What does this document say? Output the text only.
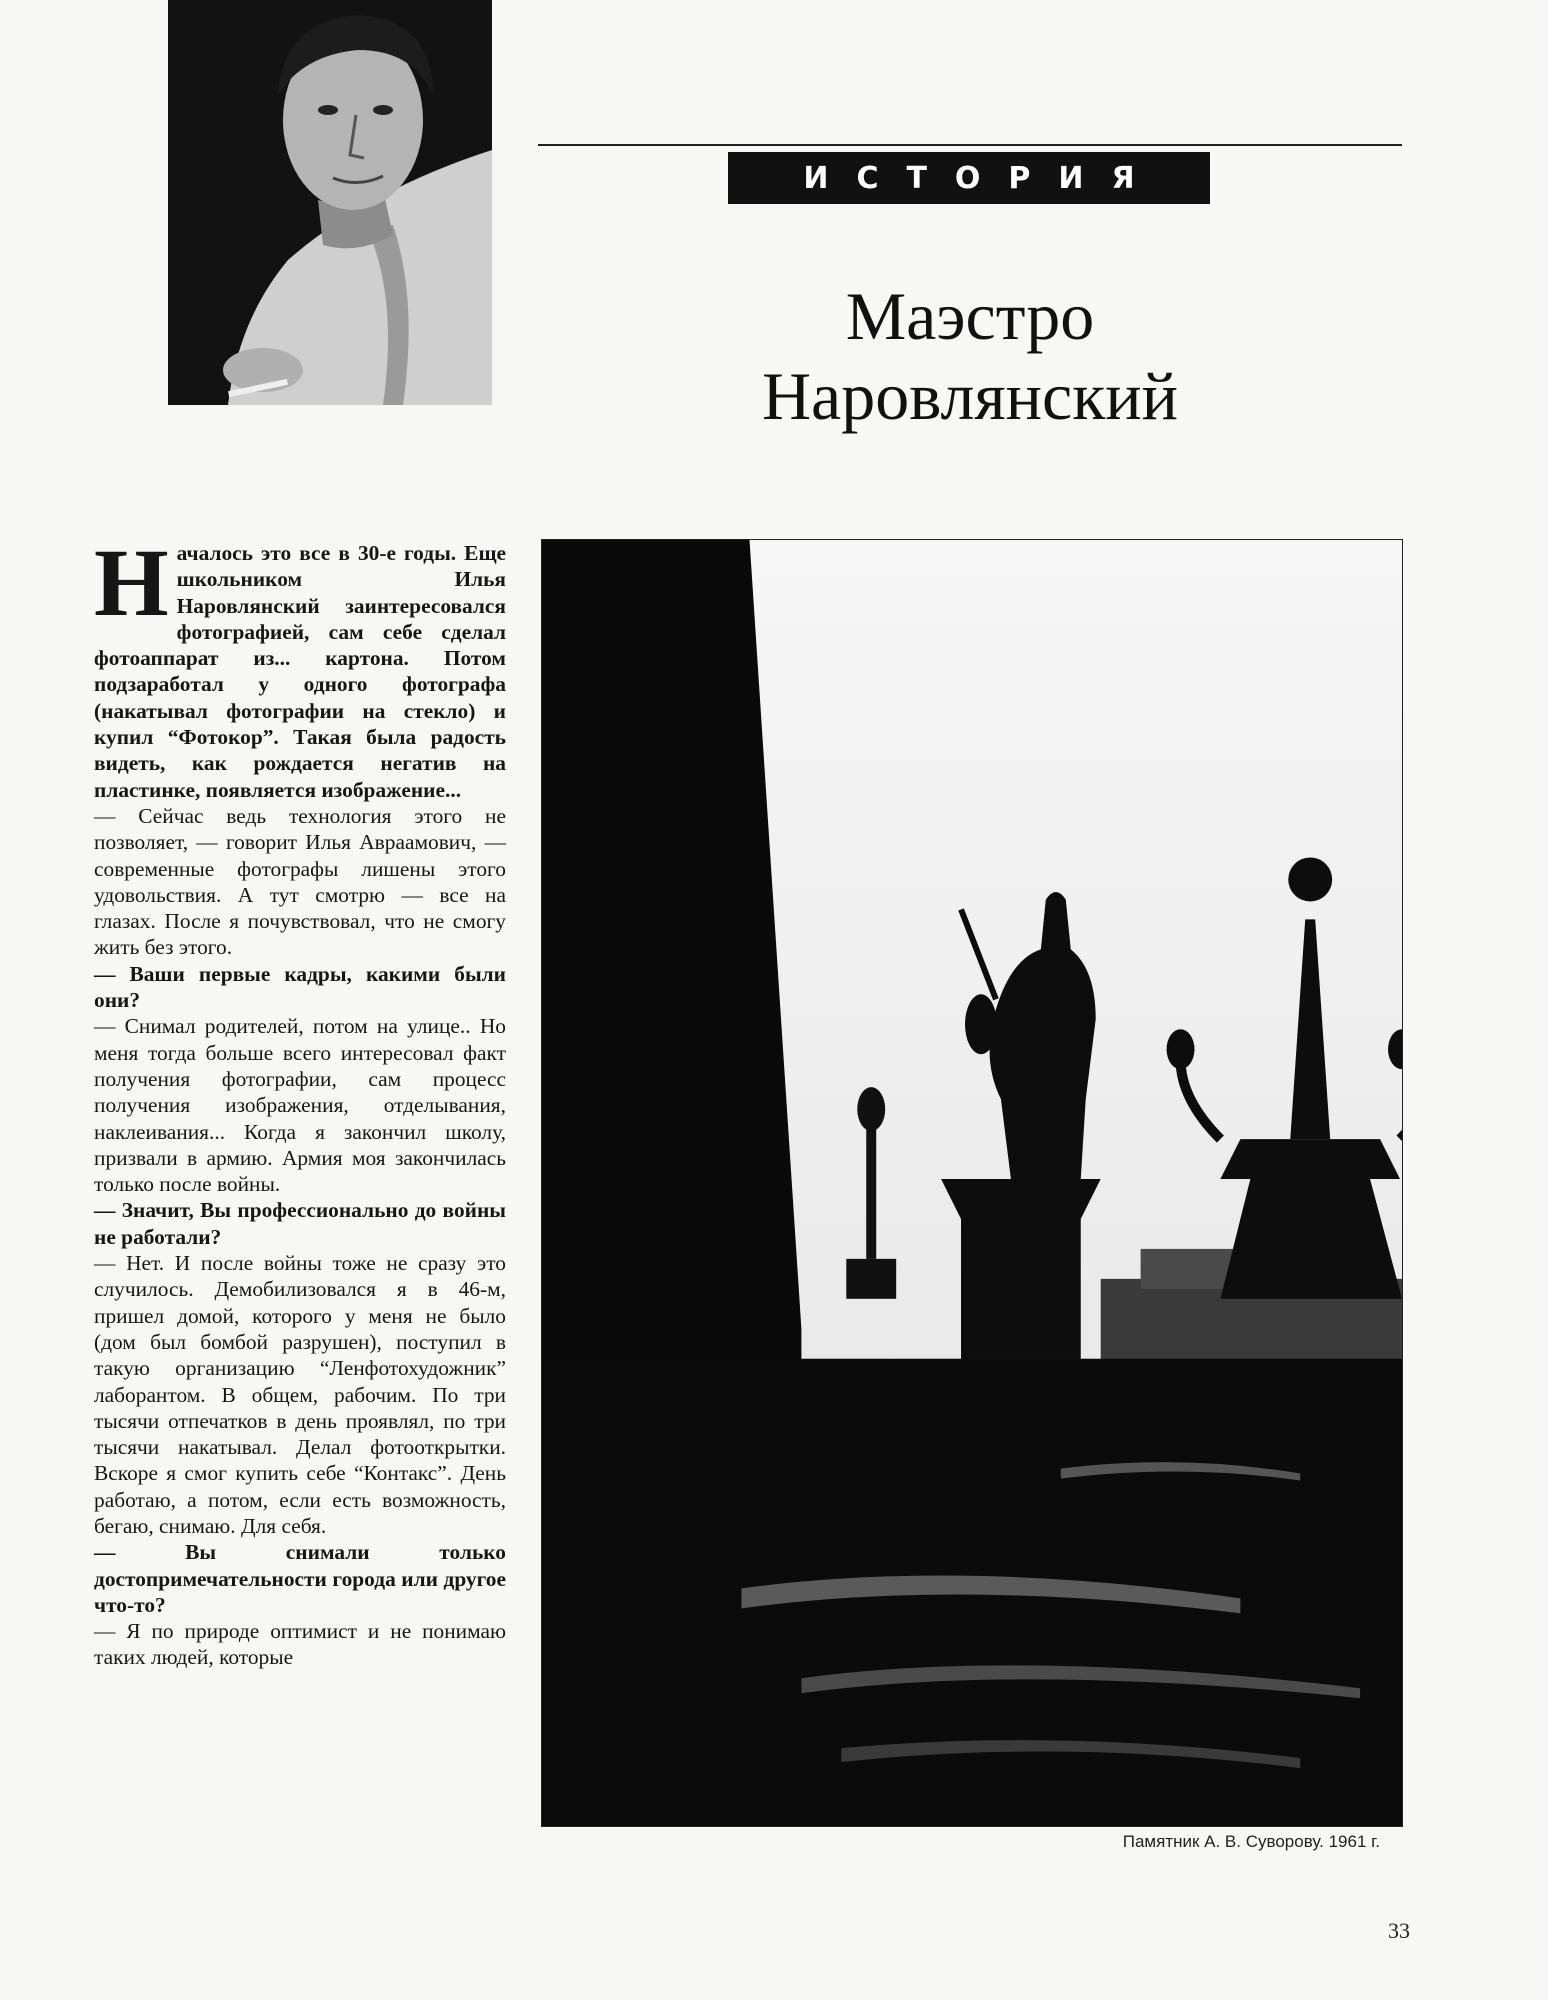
ИСТОРИЯ
Маэстро
Наровлянский

Началось это все в 30-е годы. Еще школьником Илья Наровлянский заинтересовался фотографией, сам себе сделал фотоаппарат из... картона. Потом подзаработал у одного фотографа (накатывал фотографии на стекло) и купил “Фотокор”. Такая была радость видеть, как рождается негатив на пластинке, появляется изображение...

— Сейчас ведь технология этого не позволяет, — говорит Илья Авраамович, — современные фотографы лишены этого удовольствия. А тут смотрю — все на глазах. После я почувствовал, что не смогу жить без этого.

— Ваши первые кадры, какими были они?

— Снимал родителей, потом на улице.. Но меня тогда больше всего интересовал факт получения фотографии, сам процесс получения изображения, отделывания, наклеивания... Когда я закончил школу, призвали в армию. Армия моя закончилась только после войны.

— Значит, Вы профессионально до войны не работали?

— Нет. И после войны тоже не сразу это случилось. Демобилизовался я в 46-м, пришел домой, которого у меня не было (дом был бомбой разрушен), поступил в такую организацию “Ленфотохудожник” лаборантом. В общем, рабочим. По три тысячи отпечатков в день проявлял, по три тысячи накатывал. Делал фотооткрытки. Вскоре я смог купить себе “Контакс”. День работаю, а потом, если есть возможность, бегаю, снимаю. Для себя.

— Вы снимали только достопримечательности города или другое что-то?

— Я по природе оптимист и не понимаю таких людей, которые

Памятник А. В. Суворову. 1961 г.
33
